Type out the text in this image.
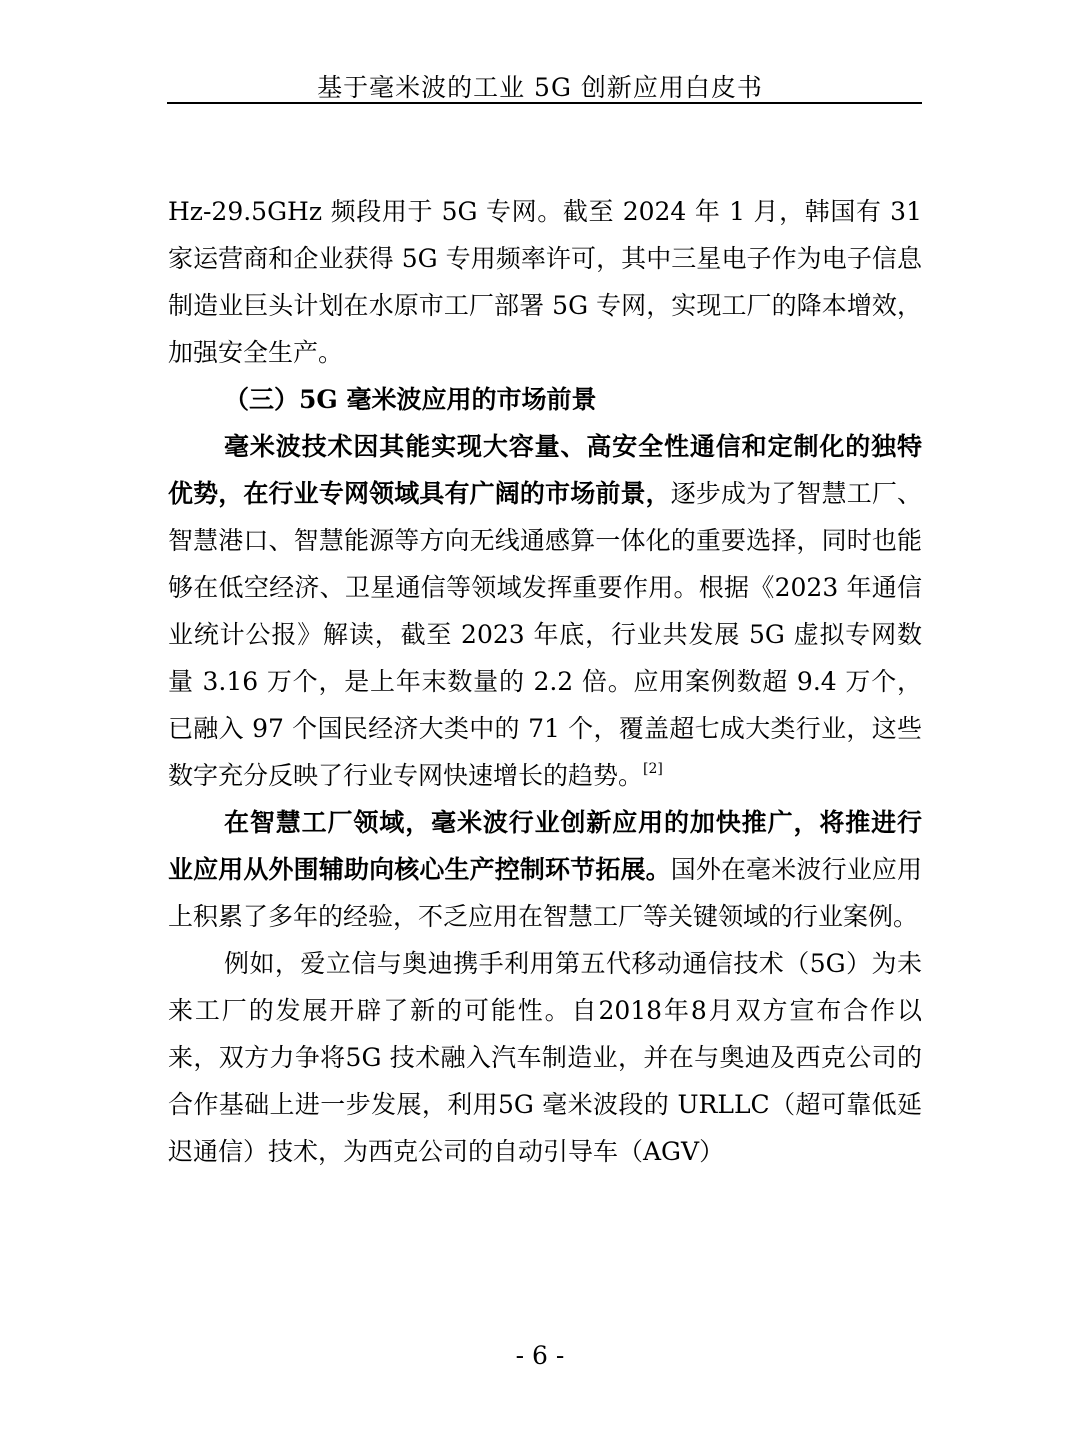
基于毫米波的工业 5G 创新应用白皮书

Hz-29.5GHz 频段用于 5G 专网。截至 2024 年 1 月，韩国有 31 家运营商和企业获得 5G 专用频率许可，其中三星电子作为电子信息制造业巨头计划在水原市工厂部署 5G 专网，实现工厂的降本增效，加强安全生产。

（三）5G 毫米波应用的市场前景

毫米波技术因其能实现大容量、高安全性通信和定制化的独特优势，在行业专网领域具有广阔的市场前景，逐步成为了智慧工厂、智慧港口、智慧能源等方向无线通感算一体化的重要选择，同时也能够在低空经济、卫星通信等领域发挥重要作用。根据《2023 年通信业统计公报》解读，截至 2023 年底，行业共发展 5G 虚拟专网数量 3.16 万个，是上年末数量的 2.2 倍。应用案例数超 9.4 万个，已融入 97 个国民经济大类中的 71 个，覆盖超七成大类行业，这些数字充分反映了行业专网快速增长的趋势。[2]

在智慧工厂领域，毫米波行业创新应用的加快推广，将推进行业应用从外围辅助向核心生产控制环节拓展。国外在毫米波行业应用上积累了多年的经验，不乏应用在智慧工厂等关键领域的行业案例。

例如，爱立信与奥迪携手利用第五代移动通信技术（5G）为未来工厂的发展开辟了新的可能性。自2018年8月双方宣布合作以来，双方力争将5G 技术融入汽车制造业，并在与奥迪及西克公司的合作基础上进一步发展，利用5G 毫米波段的 URLLC（超可靠低延迟通信）技术，为西克公司的自动引导车（AGV）

- 6 -
